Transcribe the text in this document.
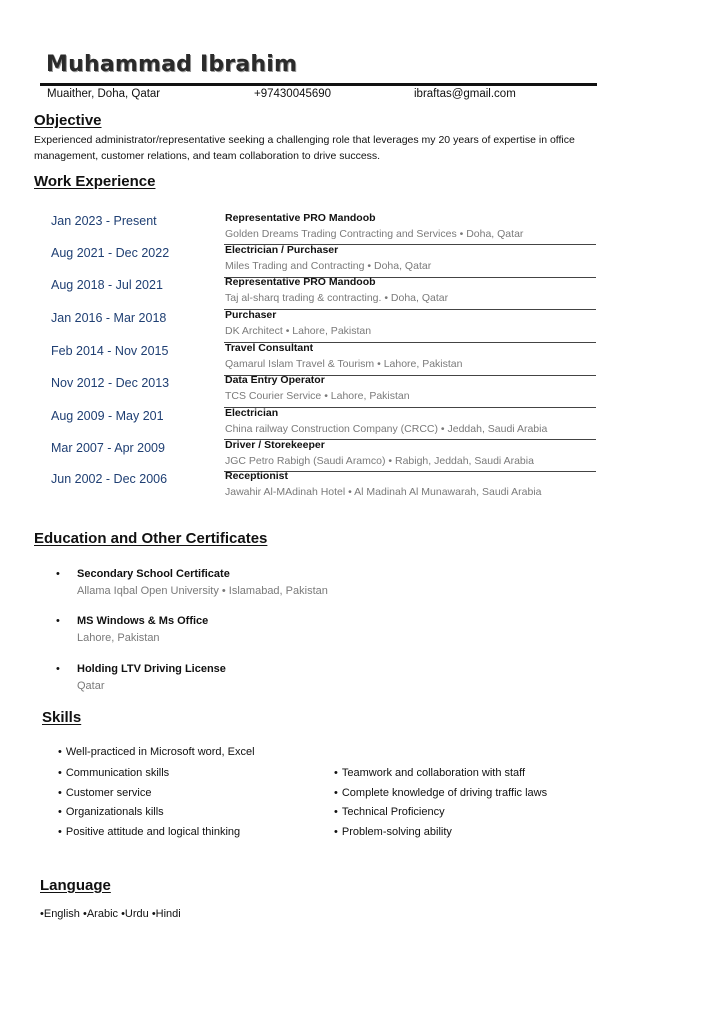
Muhammad Ibrahim
Muaither, Doha, Qatar	+97430045690	ibraftas@gmail.com
Objective
Experienced administrator/representative seeking a challenging role that leverages my 20 years of expertise in office management, customer relations, and team collaboration to drive success.
Work Experience
Jan 2023 - Present	Representative PRO Mandoob
Golden Dreams Trading Contracting and Services • Doha, Qatar
Aug 2021 - Dec 2022	Electrician / Purchaser
Miles Trading and Contracting • Doha, Qatar
Aug 2018 - Jul 2021	Representative PRO Mandoob
Taj al-sharq trading & contracting. • Doha, Qatar
Jan 2016 - Mar 2018	Purchaser
DK Architect • Lahore, Pakistan
Feb 2014 - Nov 2015	Travel Consultant
Qamarul Islam Travel & Tourism • Lahore, Pakistan
Nov 2012 - Dec 2013	Data Entry Operator
TCS Courier Service • Lahore, Pakistan
Aug 2009 - May 201	Electrician
China railway Construction Company (CRCC) • Jeddah, Saudi Arabia
Mar 2007 - Apr 2009	Driver / Storekeeper
JGC Petro Rabigh (Saudi Aramco) • Rabigh, Jeddah, Saudi Arabia
Jun 2002 - Dec 2006	Receptionist
Jawahir Al-MAdinah Hotel • Al Madinah Al Munawarah, Saudi Arabia
Education and Other Certificates
• Secondary School Certificate
Allama Iqbal Open University • Islamabad, Pakistan
• MS Windows & Ms Office
Lahore, Pakistan
• Holding LTV Driving License
Qatar
Skills
• Well-practiced in Microsoft word, Excel
• Communication skills
• Customer service
• Organizationals kills
• Positive attitude and logical thinking
• Teamwork and collaboration with staff
• Complete knowledge of driving traffic laws
• Technical Proficiency
• Problem-solving ability
Language
•English •Arabic •Urdu •Hindi
